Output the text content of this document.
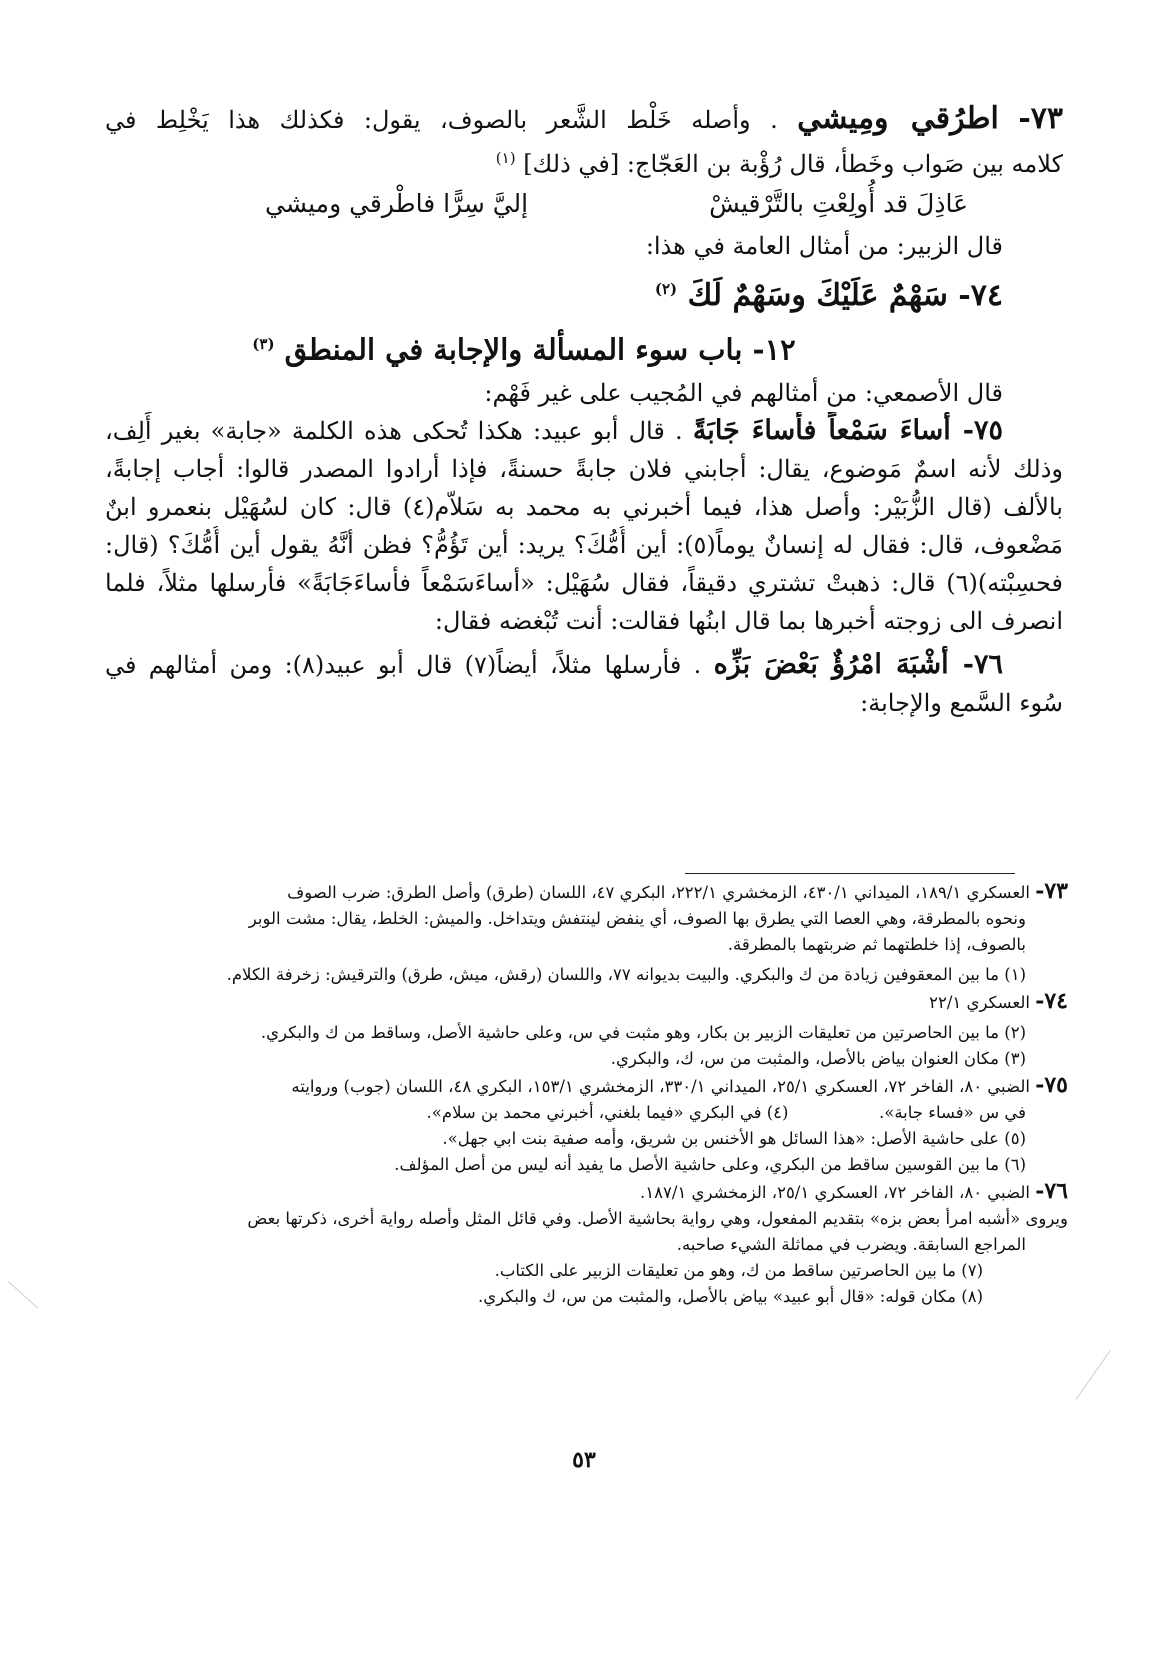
٧٣- اطرُقي ومِيشي . وأصله خَلْط الشَّعر بالصوف، يقول: فكذلك هذا يَخْلِط في
كلامه بين صَواب وخَطأ، قال رُؤْبة بن العَجّاج: [في ذلك] $^{(١)}$
عَاذِلَ قد أُولِعْتِ بالتَّرْقيشْ
إليَّ سِرًّا فاطْرقي وميشي
قال الزبير: من أمثال العامة في هذا:
٧٤- سَهْمٌ عَلَيْكَ وسَهْمٌ لَكَ $^{(٢)}$
١٢- باب سوء المسألة والإجابة في المنطق $^{(٣)}$
قال الأصمعي: من أمثالهم في المُجيب على غير فَهْم:
٧٥- أَساءَ سَمْعاً فأَساءَ جَابَةً . قال أبو عبيد: هكذا تُحكى هذه الكلمة «جابة» بغير أَلِف،
وذلك لأنه اسمٌ مَوضوع، يقال: أجابني فلان جابةً حسنةً، فإذا أرادوا المصدر قالوا: أجاب إجابةً،
بالألف (قال الزُّبَيْر: وأصل هذا، فيما أخبرني به محمد به سَلاّم(٤) قال: كان لسُهَيْل بنعمرو ابنٌ
مَضْعوف، قال: فقال له إنسانٌ يوماً(٥): أين أُمُّكَ؟ يريد: أين تَؤُمُّ؟ فظن أنَّهُ يقول أين أُمُّكَ؟ (قال:
فحسِبْته)(٦) قال: ذهبتْ تشتري دقيقاً، فقال سُهَيْل: «أساءَسَمْعاً فأساءَجَابَةً» فأرسلها مثلاً، فلما
انصرف الى زوجته أخبرها بما قال ابنُها فقالت: أنت تُبْغضه فقال:
٧٦- أَشْبَهَ امْرُؤٌ بَعْضَ بَزِّه . فأرسلها مثلاً، أيضاً(٧) قال أبو عبيد(٨): ومن أمثالهم في
سُوء السَّمع والإجابة:
٧٣- العسكري ١٨٩/١، الميداني ٤٣٠/١، الزمخشري ٢٢٢/١، البكري ٤٧، اللسان (طرق) وأصل الطرق: ضرب الصوف
ونحوه بالمطرقة، وهي العصا التي يطرق بها الصوف، أي ينفض لينتفش ويتداخل. والميش: الخلط، يقال: مشت الوبر
بالصوف، إذا خلطتهما ثم ضربتهما بالمطرقة.
(١) ما بين المعقوفين زيادة من ك والبكري. والبيت بديوانه ٧٧، واللسان (رقش، ميش، طرق) والترقيش: زخرفة الكلام.
٧٤- العسكري ٢٢/١
(٢) ما بين الحاصرتين من تعليقات الزبير بن بكار، وهو مثبت في س، وعلى حاشية الأصل، وساقط من ك والبكري.
(٣) مكان العنوان بياض بالأصل، والمثبت من س، ك، والبكري.
٧٥- الضبي ٨٠، الفاخر ٧٢، العسكري ٢٥/١، الميداني ٣٣٠/١، الزمخشري ١٥٣/١، البكري ٤٨، اللسان (جوب) وروايته
في س «فساء جابة».  (٤) في البكري «فيما بلغني، أخبرني محمد بن سلام».
(٥) على حاشية الأصل: «هذا السائل هو الأخنس بن شريق، وأمه صفية بنت ابي جهل».
(٦) ما بين القوسين ساقط من البكري، وعلى حاشية الأصل ما يفيد أنه ليس من أصل المؤلف.
٧٦- الضبي ٨٠، الفاخر ٧٢، العسكري ٢٥/١، الزمخشري ١٨٧/١.
ويروى «أشبه امرأ بعض بزه» بتقديم المفعول، وهي رواية بحاشية الأصل. وفي قائل المثل وأصله رواية أخرى، ذكرتها بعض
المراجع السابقة. ويضرب في مماثلة الشيء صاحبه.
(٧) ما بين الحاصرتين ساقط من ك، وهو من تعليقات الزبير على الكتاب.
(٨) مكان قوله: «قال أبو عبيد» بياض بالأصل، والمثبت من س، ك والبكري.
٥٣
